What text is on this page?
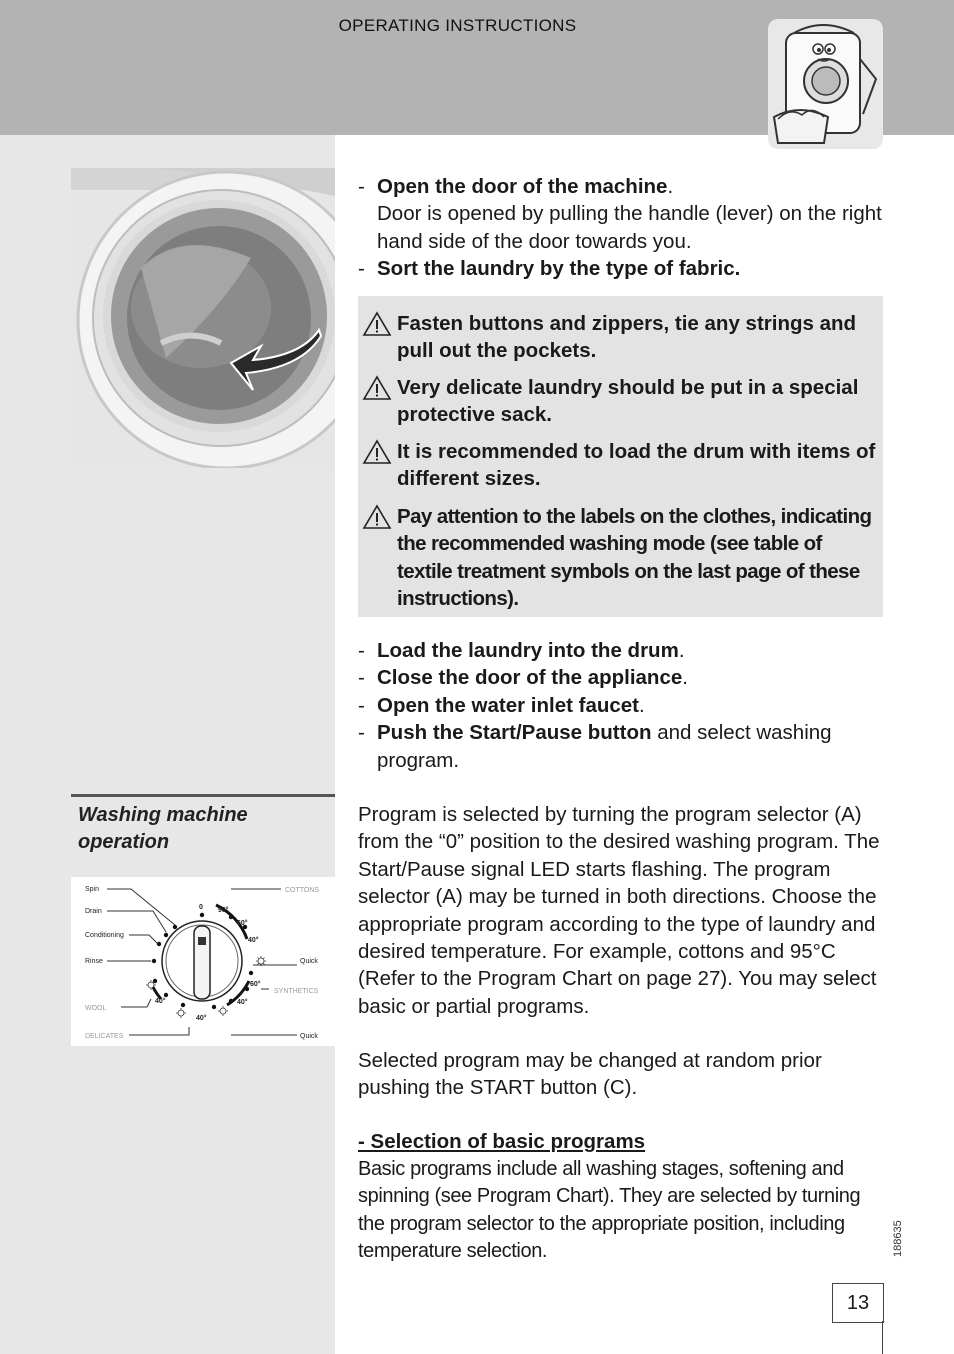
OPERATING INSTRUCTIONS
- Open the door of the machine.
Door is opened by pulling the handle (lever) on the right hand side of the door towards you.
- Sort the laundry by the type of fabric.
Fasten buttons and zippers, tie any strings and pull out the pockets.
Very delicate laundry should be put in a special protective sack.
It is recommended to load the drum with items of different sizes.
Pay attention to the labels on the clothes, indicating the recommended washing mode (see table of textile treatment symbols on the last page of these instructions).
- Load the laundry into the drum.
- Close the door of the appliance.
- Open the water inlet faucet.
- Push the Start/Pause button and select washing program.
Washing machine operation
Spin
Drain
Conditioning
Rinse
WOOL
DELICATES
COTTONS
Quick
SYNTHETICS
Quick
0 95°
60°
40°
60°
40°
40°
40°
Program is selected by turning the program selector (A) from the “0” position to the desired washing program. The Start/Pause signal LED starts flashing. The program selector (A) may be turned in both directions. Choose the appropriate program according to the type of laundry and desired temperature. For example, cottons and 95°C (Refer to the Program Chart on page 27). You may select basic or partial programs.
Selected program may be changed at random prior pushing the START button (C).
- Selection of basic programs
Basic programs include all washing stages, softening and spinning (see Program Chart). They are selected by turning the program selector to the appropriate position, including temperature selection.	188635
13
